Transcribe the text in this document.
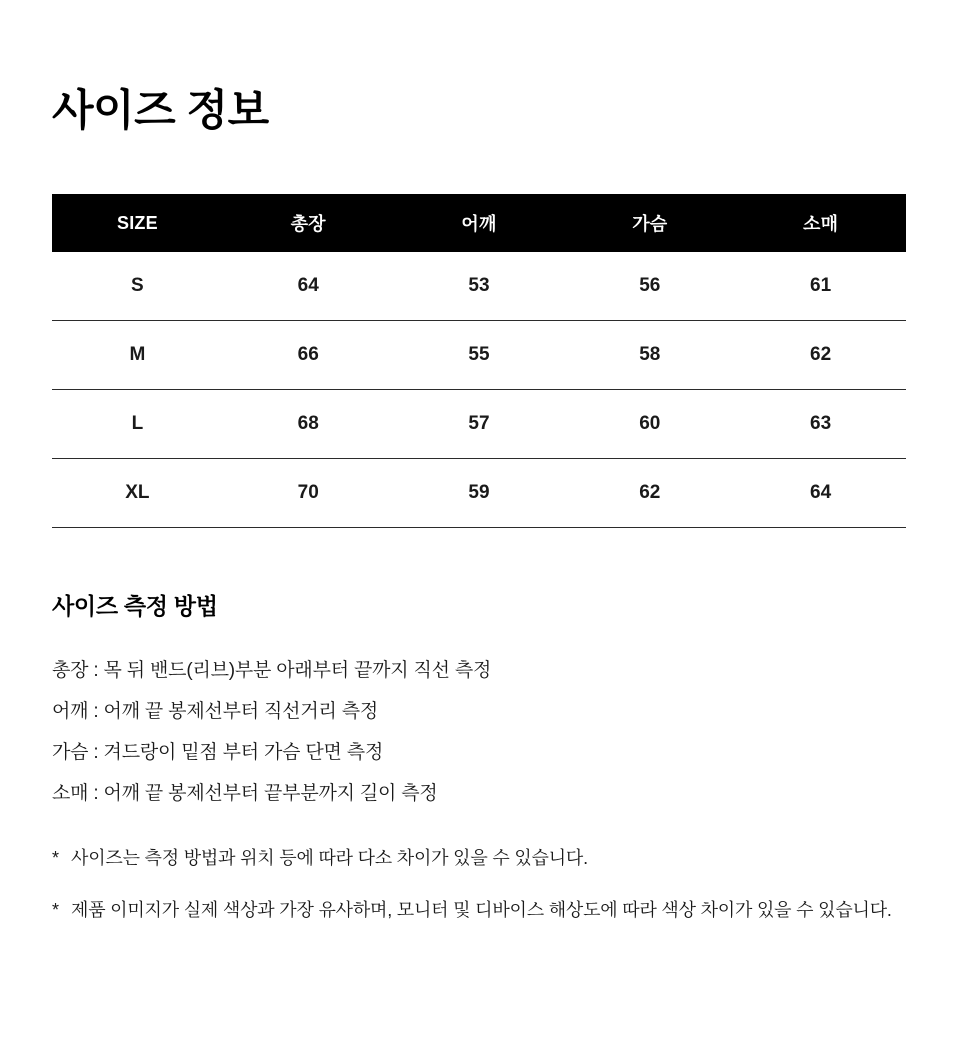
사이즈 정보
SIZE	총장	어깨	가슴	소매
S	64	53	56	61
M	66	55	58	62
L	68	57	60	63
XL	70	59	62	64
사이즈 측정 방법
총장 : 목 뒤 밴드(리브)부분 아래부터 끝까지 직선 측정
어깨 : 어깨 끝 봉제선부터 직선거리 측정
가슴 : 겨드랑이 밑점 부터 가슴 단면 측정
소매 : 어깨 끝 봉제선부터 끝부분까지 길이 측정
* 사이즈는 측정 방법과 위치 등에 따라 다소 차이가 있을 수 있습니다.
* 제품 이미지가 실제 색상과 가장 유사하며, 모니터 및 디바이스 해상도에 따라 색상 차이가 있을 수 있습니다.
